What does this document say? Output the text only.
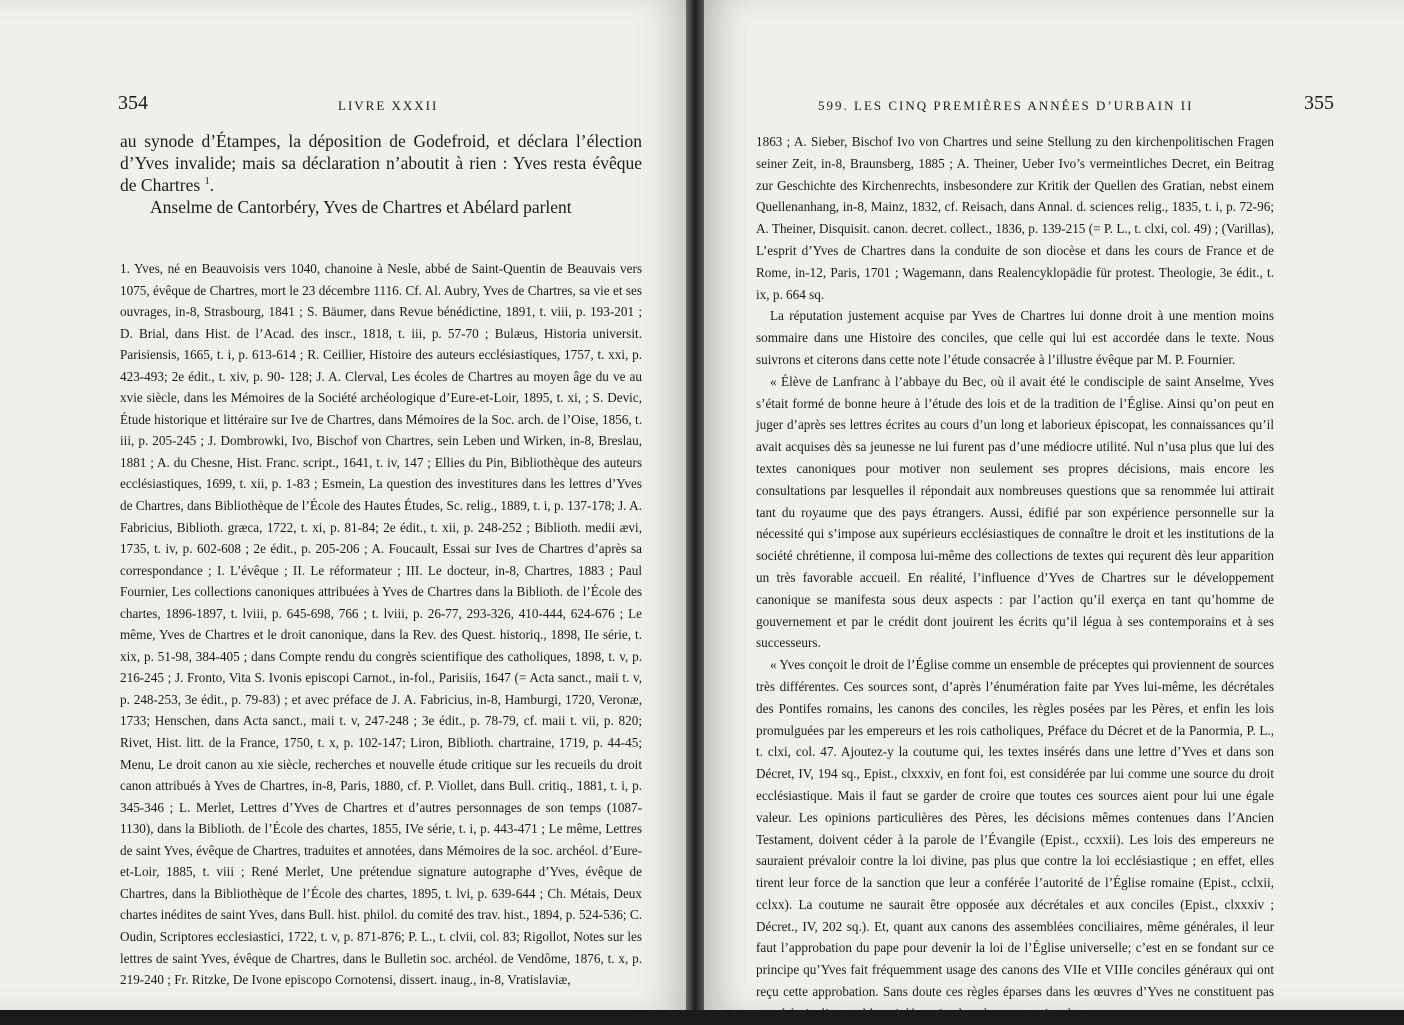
354	LIVRE XXXII

au synode d’Étampes, la déposition de Godefroid, et déclara l’élection d’Yves invalide; mais sa déclaration n’aboutit à rien : Yves resta évêque de Chartres $^1$.

Anselme de Cantorbéry, Yves de Chartres et Abélard parlent

1. Yves, né en Beauvoisis vers 1040, chanoine à Nesle, abbé de Saint-Quentin de Beauvais vers 1075, évêque de Chartres, mort le 23 décembre 1116. Cf. Al. Aubry, Yves de Chartres, sa vie et ses ouvrages, in-8, Strasbourg, 1841 ; S. Bäumer, dans Revue bénédictine, 1891, t. viii, p. 193-201 ; D. Brial, dans Hist. de l’Acad. des inscr., 1818, t. iii, p. 57-70 ; Bulæus, Historia universit. Parisiensis, 1665, t. i, p. 613-614 ; R. Ceillier, Histoire des auteurs ecclésiastiques, 1757, t. xxi, p. 423-493; 2e édit., t. xiv, p. 90- 128; J. A. Clerval, Les écoles de Chartres au moyen âge du ve au xvie siècle, dans les Mémoires de la Société archéologique d’Eure-et-Loir, 1895, t. xi, ; S. Devic, Étude historique et littéraire sur Ive de Chartres, dans Mémoires de la Soc. arch. de l’Oise, 1856, t. iii, p. 205-245 ; J. Dombrowki, Ivo, Bischof von Chartres, sein Leben und Wirken, in-8, Breslau, 1881 ; A. du Chesne, Hist. Franc. script., 1641, t. iv, 147 ; Ellies du Pin, Bibliothèque des auteurs ecclésiastiques, 1699, t. xii, p. 1-83 ; Esmein, La question des investitures dans les lettres d’Yves de Chartres, dans Bibliothèque de l’École des Hautes Études, Sc. relig., 1889, t. i, p. 137-178; J. A. Fabricius, Biblioth. græca, 1722, t. xi, p. 81-84; 2e édit., t. xii, p. 248-252 ; Biblioth. medii ævi, 1735, t. iv, p. 602-608 ; 2e édit., p. 205-206 ; A. Foucault, Essai sur Ives de Chartres d’après sa correspondance ; I. L’évêque ; II. Le réformateur ; III. Le docteur, in-8, Chartres, 1883 ; Paul Fournier, Les collections canoniques attribuées à Yves de Chartres dans la Biblioth. de l’École des chartes, 1896-1897, t. lviii, p. 645-698, 766 ; t. lviii, p. 26-77, 293-326, 410-444, 624-676 ; Le même, Yves de Chartres et le droit canonique, dans la Rev. des Quest. historiq., 1898, IIe série, t. xix, p. 51-98, 384-405 ; dans Compte rendu du congrès scientifique des catholiques, 1898, t. v, p. 216-245 ; J. Fronto, Vita S. Ivonis episcopi Carnot., in-fol., Parisiis, 1647 (= Acta sanct., maii t. v, p. 248-253, 3e édit., p. 79-83) ; et avec préface de J. A. Fabricius, in-8, Hamburgi, 1720, Veronæ, 1733; Henschen, dans Acta sanct., maii t. v, 247-248 ; 3e édit., p. 78-79, cf. maii t. vii, p. 820; Rivet, Hist. litt. de la France, 1750, t. x, p. 102-147; Liron, Biblioth. chartraine, 1719, p. 44-45; Menu, Le droit canon au xie siècle, recherches et nouvelle étude critique sur les recueils du droit canon attribués à Yves de Chartres, in-8, Paris, 1880, cf. P. Viollet, dans Bull. critiq., 1881, t. i, p. 345-346 ; L. Merlet, Lettres d’Yves de Chartres et d’autres personnages de son temps (1087-1130), dans la Biblioth. de l’École des chartes, 1855, IVe série, t. i, p. 443-471 ; Le même, Lettres de saint Yves, évêque de Chartres, traduites et annotées, dans Mémoires de la soc. archéol. d’Eure-et-Loir, 1885, t. viii ; René Merlet, Une prétendue signature autographe d’Yves, évêque de Chartres, dans la Bibliothèque de l’École des chartes, 1895, t. lvi, p. 639-644 ; Ch. Métais, Deux chartes inédites de saint Yves, dans Bull. hist. philol. du comité des trav. hist., 1894, p. 524-536; C. Oudin, Scriptores ecclesiastici, 1722, t. v, p. 871-876; P. L., t. clvii, col. 83; Rigollot, Notes sur les lettres de saint Yves, évêque de Chartres, dans le Bulletin soc. archéol. de Vendôme, 1876, t. x, p. 219-240 ; Fr. Ritzke, De Ivone episcopo Cornotensi, dissert. inaug., in-8, Vratislaviæ,

599. LES CINQ PREMIÈRES ANNÉES D’URBAIN II	355

1863 ; A. Sieber, Bischof Ivo von Chartres und seine Stellung zu den kirchenpolitischen Fragen seiner Zeit, in-8, Braunsberg, 1885 ; A. Theiner, Ueber Ivo’s vermeintliches Decret, ein Beitrag zur Geschichte des Kirchenrechts, insbesondere zur Kritik der Quellen des Gratian, nebst einem Quellenanhang, in-8, Mainz, 1832, cf. Reisach, dans Annal. d. sciences relig., 1835, t. i, p. 72-96; A. Theiner, Disquisit. canon. decret. collect., 1836, p. 139-215 (= P. L., t. clxi, col. 49) ; (Varillas), L’esprit d’Yves de Chartres dans la conduite de son diocèse et dans les cours de France et de Rome, in-12, Paris, 1701 ; Wagemann, dans Realencyklopädie für protest. Theologie, 3e édit., t. ix, p. 664 sq.

La réputation justement acquise par Yves de Chartres lui donne droit à une mention moins sommaire dans une Histoire des conciles, que celle qui lui est accordée dans le texte. Nous suivrons et citerons dans cette note l’étude consacrée à l’illustre évêque par M. P. Fournier.

« Élève de Lanfranc à l’abbaye du Bec, où il avait été le condisciple de saint Anselme, Yves s’était formé de bonne heure à l’étude des lois et de la tradition de l’Église. Ainsi qu’on peut en juger d’après ses lettres écrites au cours d’un long et laborieux épiscopat, les connaissances qu’il avait acquises dès sa jeunesse ne lui furent pas d’une médiocre utilité. Nul n’usa plus que lui des textes canoniques pour motiver non seulement ses propres décisions, mais encore les consultations par lesquelles il répondait aux nombreuses questions que sa renommée lui attirait tant du royaume que des pays étrangers. Aussi, édifié par son expérience personnelle sur la nécessité qui s’impose aux supérieurs ecclésiastiques de connaître le droit et les institutions de la société chrétienne, il composa lui-même des collections de textes qui reçurent dès leur apparition un très favorable accueil. En réalité, l’influence d’Yves de Chartres sur le développement canonique se manifesta sous deux aspects : par l’action qu’il exerça en tant qu’homme de gouvernement et par le crédit dont jouirent les écrits qu’il légua à ses contemporains et à ses successeurs.

« Yves conçoit le droit de l’Église comme un ensemble de préceptes qui proviennent de sources très différentes. Ces sources sont, d’après l’énumération faite par Yves lui-même, les décrétales des Pontifes romains, les canons des conciles, les règles posées par les Pères, et enfin les lois promulguées par les empereurs et les rois catholiques, Préface du Décret et de la Panormia, P. L., t. clxi, col. 47. Ajoutez-y la coutume qui, les textes insérés dans une lettre d’Yves et dans son Décret, IV, 194 sq., Epist., clxxxiv, en font foi, est considérée par lui comme une source du droit ecclésiastique. Mais il faut se garder de croire que toutes ces sources aient pour lui une égale valeur. Les opinions particulières des Pères, les décisions mêmes contenues dans l’Ancien Testament, doivent céder à la parole de l’Évangile (Epist., ccxxii). Les lois des empereurs ne sauraient prévaloir contre la loi divine, pas plus que contre la loi ecclésiastique ; en effet, elles tirent leur force de la sanction que leur a conférée l’autorité de l’Église romaine (Epist., cclxii, cclxx). La coutume ne saurait être opposée aux décrétales et aux conciles (Epist., clxxxiv ; Décret., IV, 202 sq.). Et, quant aux canons des assemblées conciliaires, même générales, il leur faut l’approbation du pape pour devenir la loi de l’Église universelle; c’est en se fondant sur ce principe qu’Yves fait fréquemment usage des canons des VIIe et VIIIe conciles généraux qui ont reçu cette approbation. Sans doute ces règles éparses dans les œuvres d’Yves ne constituent pas une théorie d’ensemble qui détermine la valeur respective des
